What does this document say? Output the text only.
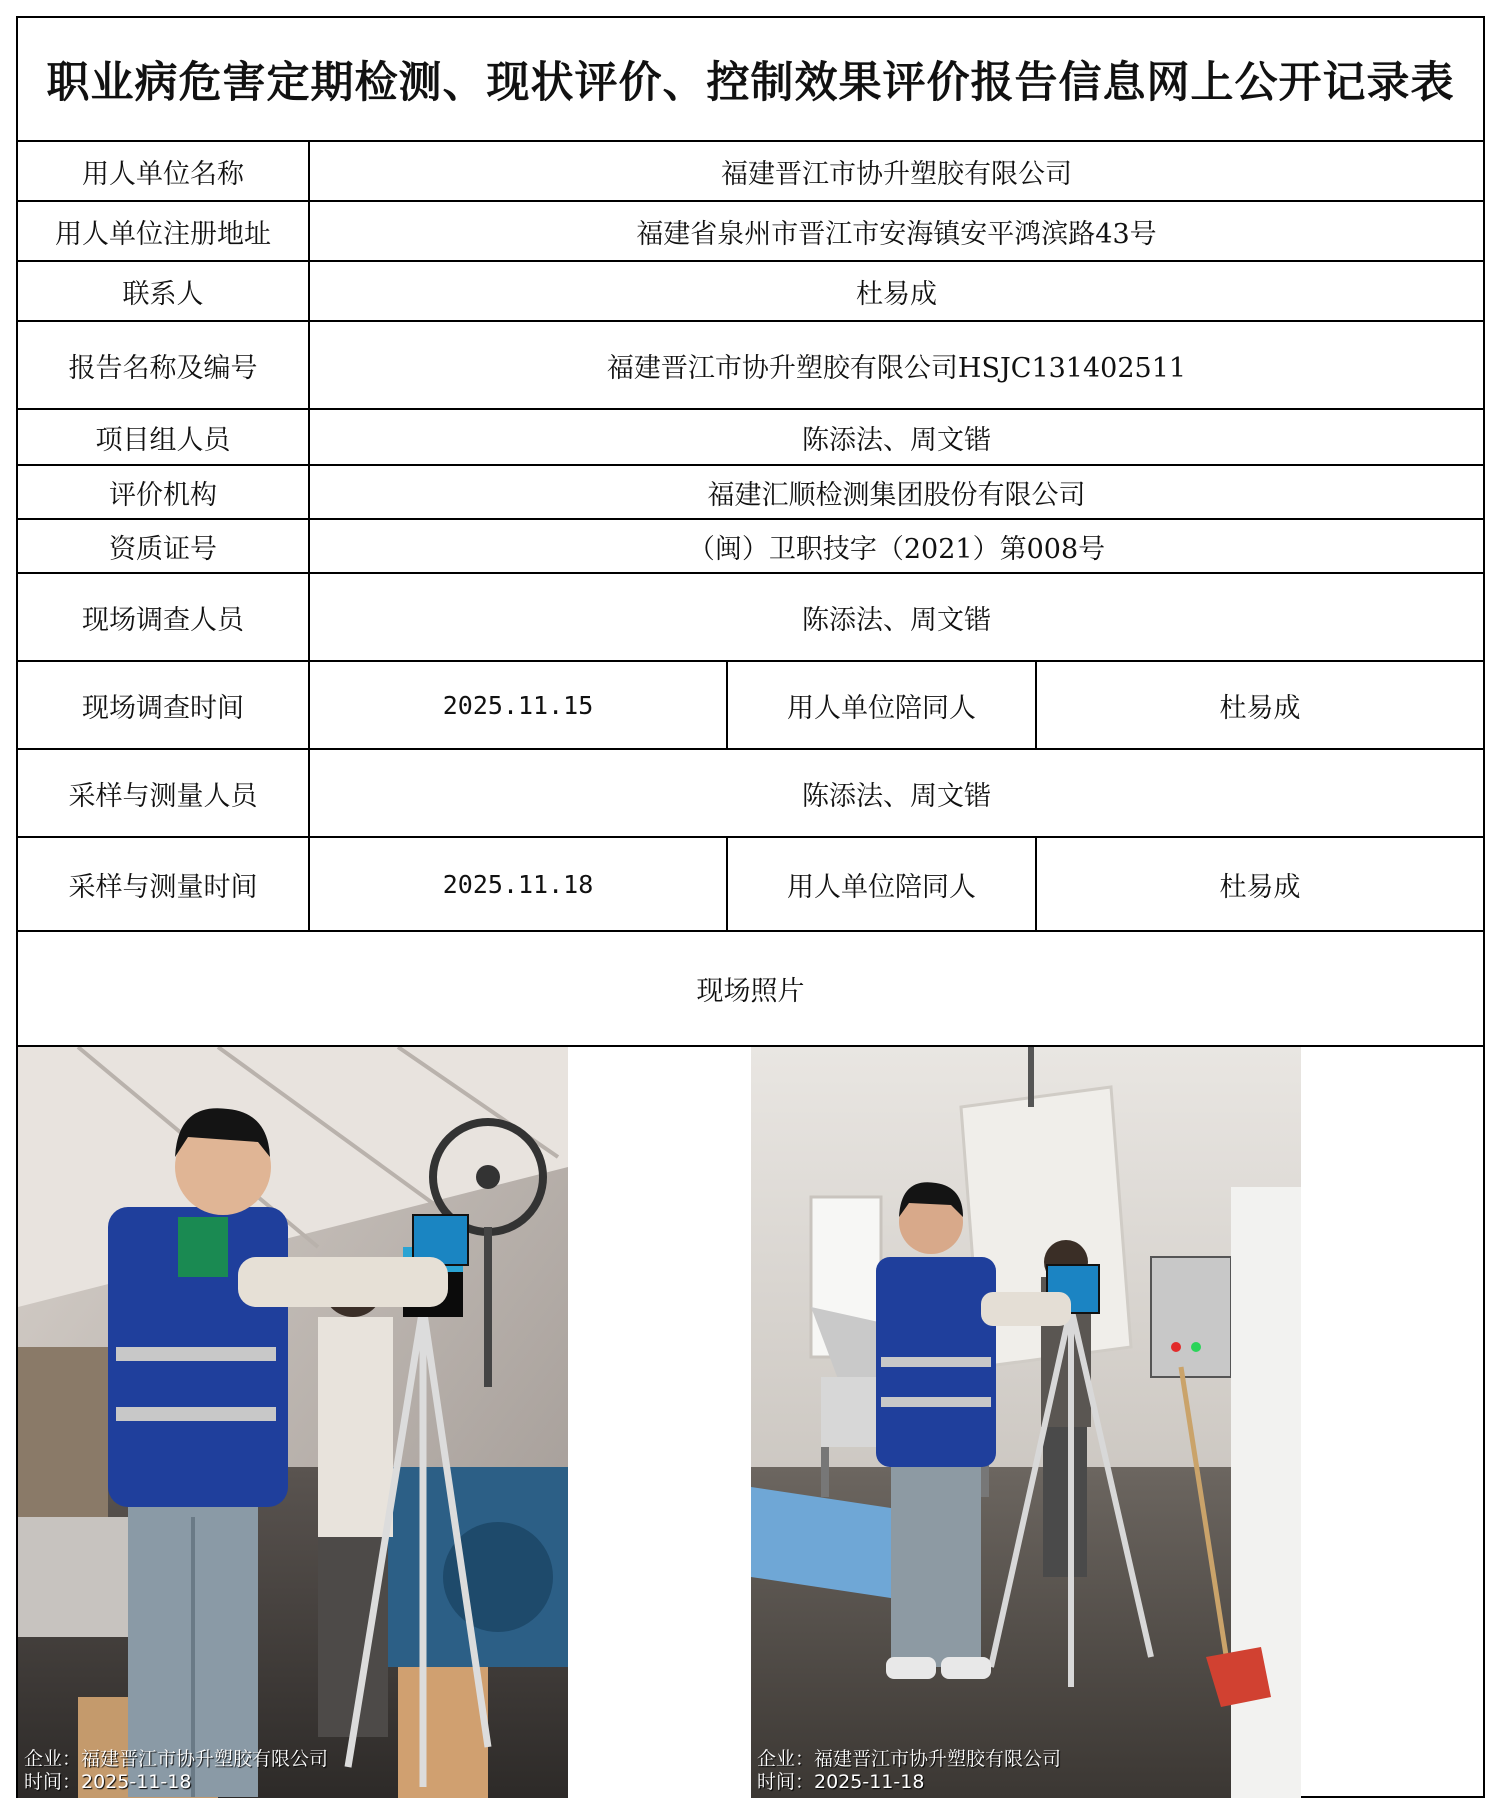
职业病危害定期检测、现状评价、控制效果评价报告信息网上公开记录表
用人单位名称	福建晋江市协升塑胶有限公司
用人单位注册地址	福建省泉州市晋江市安海镇安平鸿滨路43号
联系人	杜易成
报告名称及编号	福建晋江市协升塑胶有限公司HSJC131402511
项目组人员	陈添法、周文锴
评价机构	福建汇顺检测集团股份有限公司
资质证号	（闽）卫职技字（2021）第008号
现场调查人员	陈添法、周文锴
现场调查时间	2025.11.15	用人单位陪同人	杜易成
采样与测量人员	陈添法、周文锴
采样与测量时间	2025.11.18	用人单位陪同人	杜易成
现场照片
企业：福建晋江市协升塑胶有限公司
时间：2025-11-18
企业：福建晋江市协升塑胶有限公司
时间：2025-11-18
